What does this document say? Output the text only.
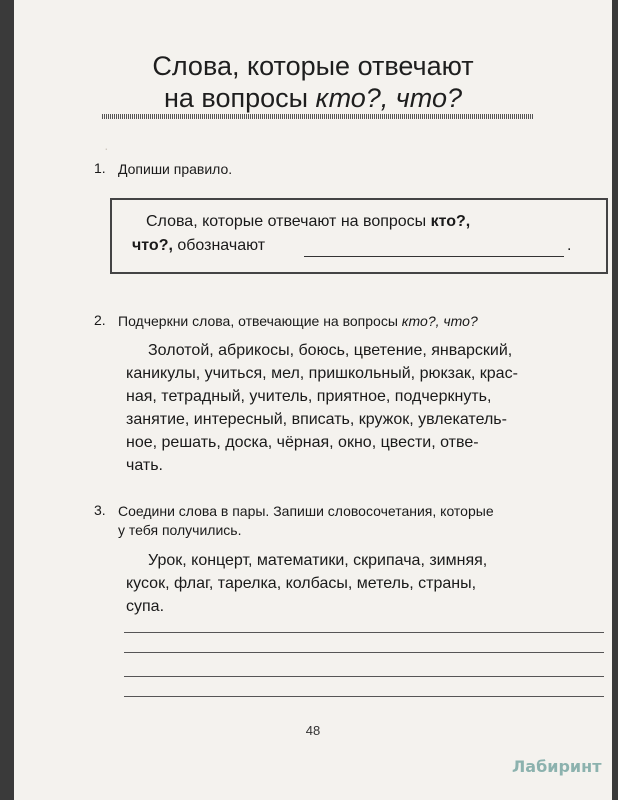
·
Слова, которые отвечают
на вопросы кто?, что?
1. Допиши правило.
Слова, которые отвечают на вопросы кто?,
что?, обозначают	.
2. Подчеркни слова, отвечающие на вопросы кто?, что?
Золотой, абрикосы, боюсь, цветение, январский,
каникулы, учиться, мел, пришкольный, рюкзак, крас-
ная, тетрадный, учитель, приятное, подчеркнуть,
занятие, интересный, вписать, кружок, увлекатель-
ное, решать, доска, чёрная, окно, цвести, отве-
чать.
3. Соедини слова в пары. Запиши словосочетания, которые
у тебя получились.
Урок, концерт, математики, скрипача, зимняя,
кусок, флаг, тарелка, колбасы, метель, страны,
супа.
48
Лабиринт
